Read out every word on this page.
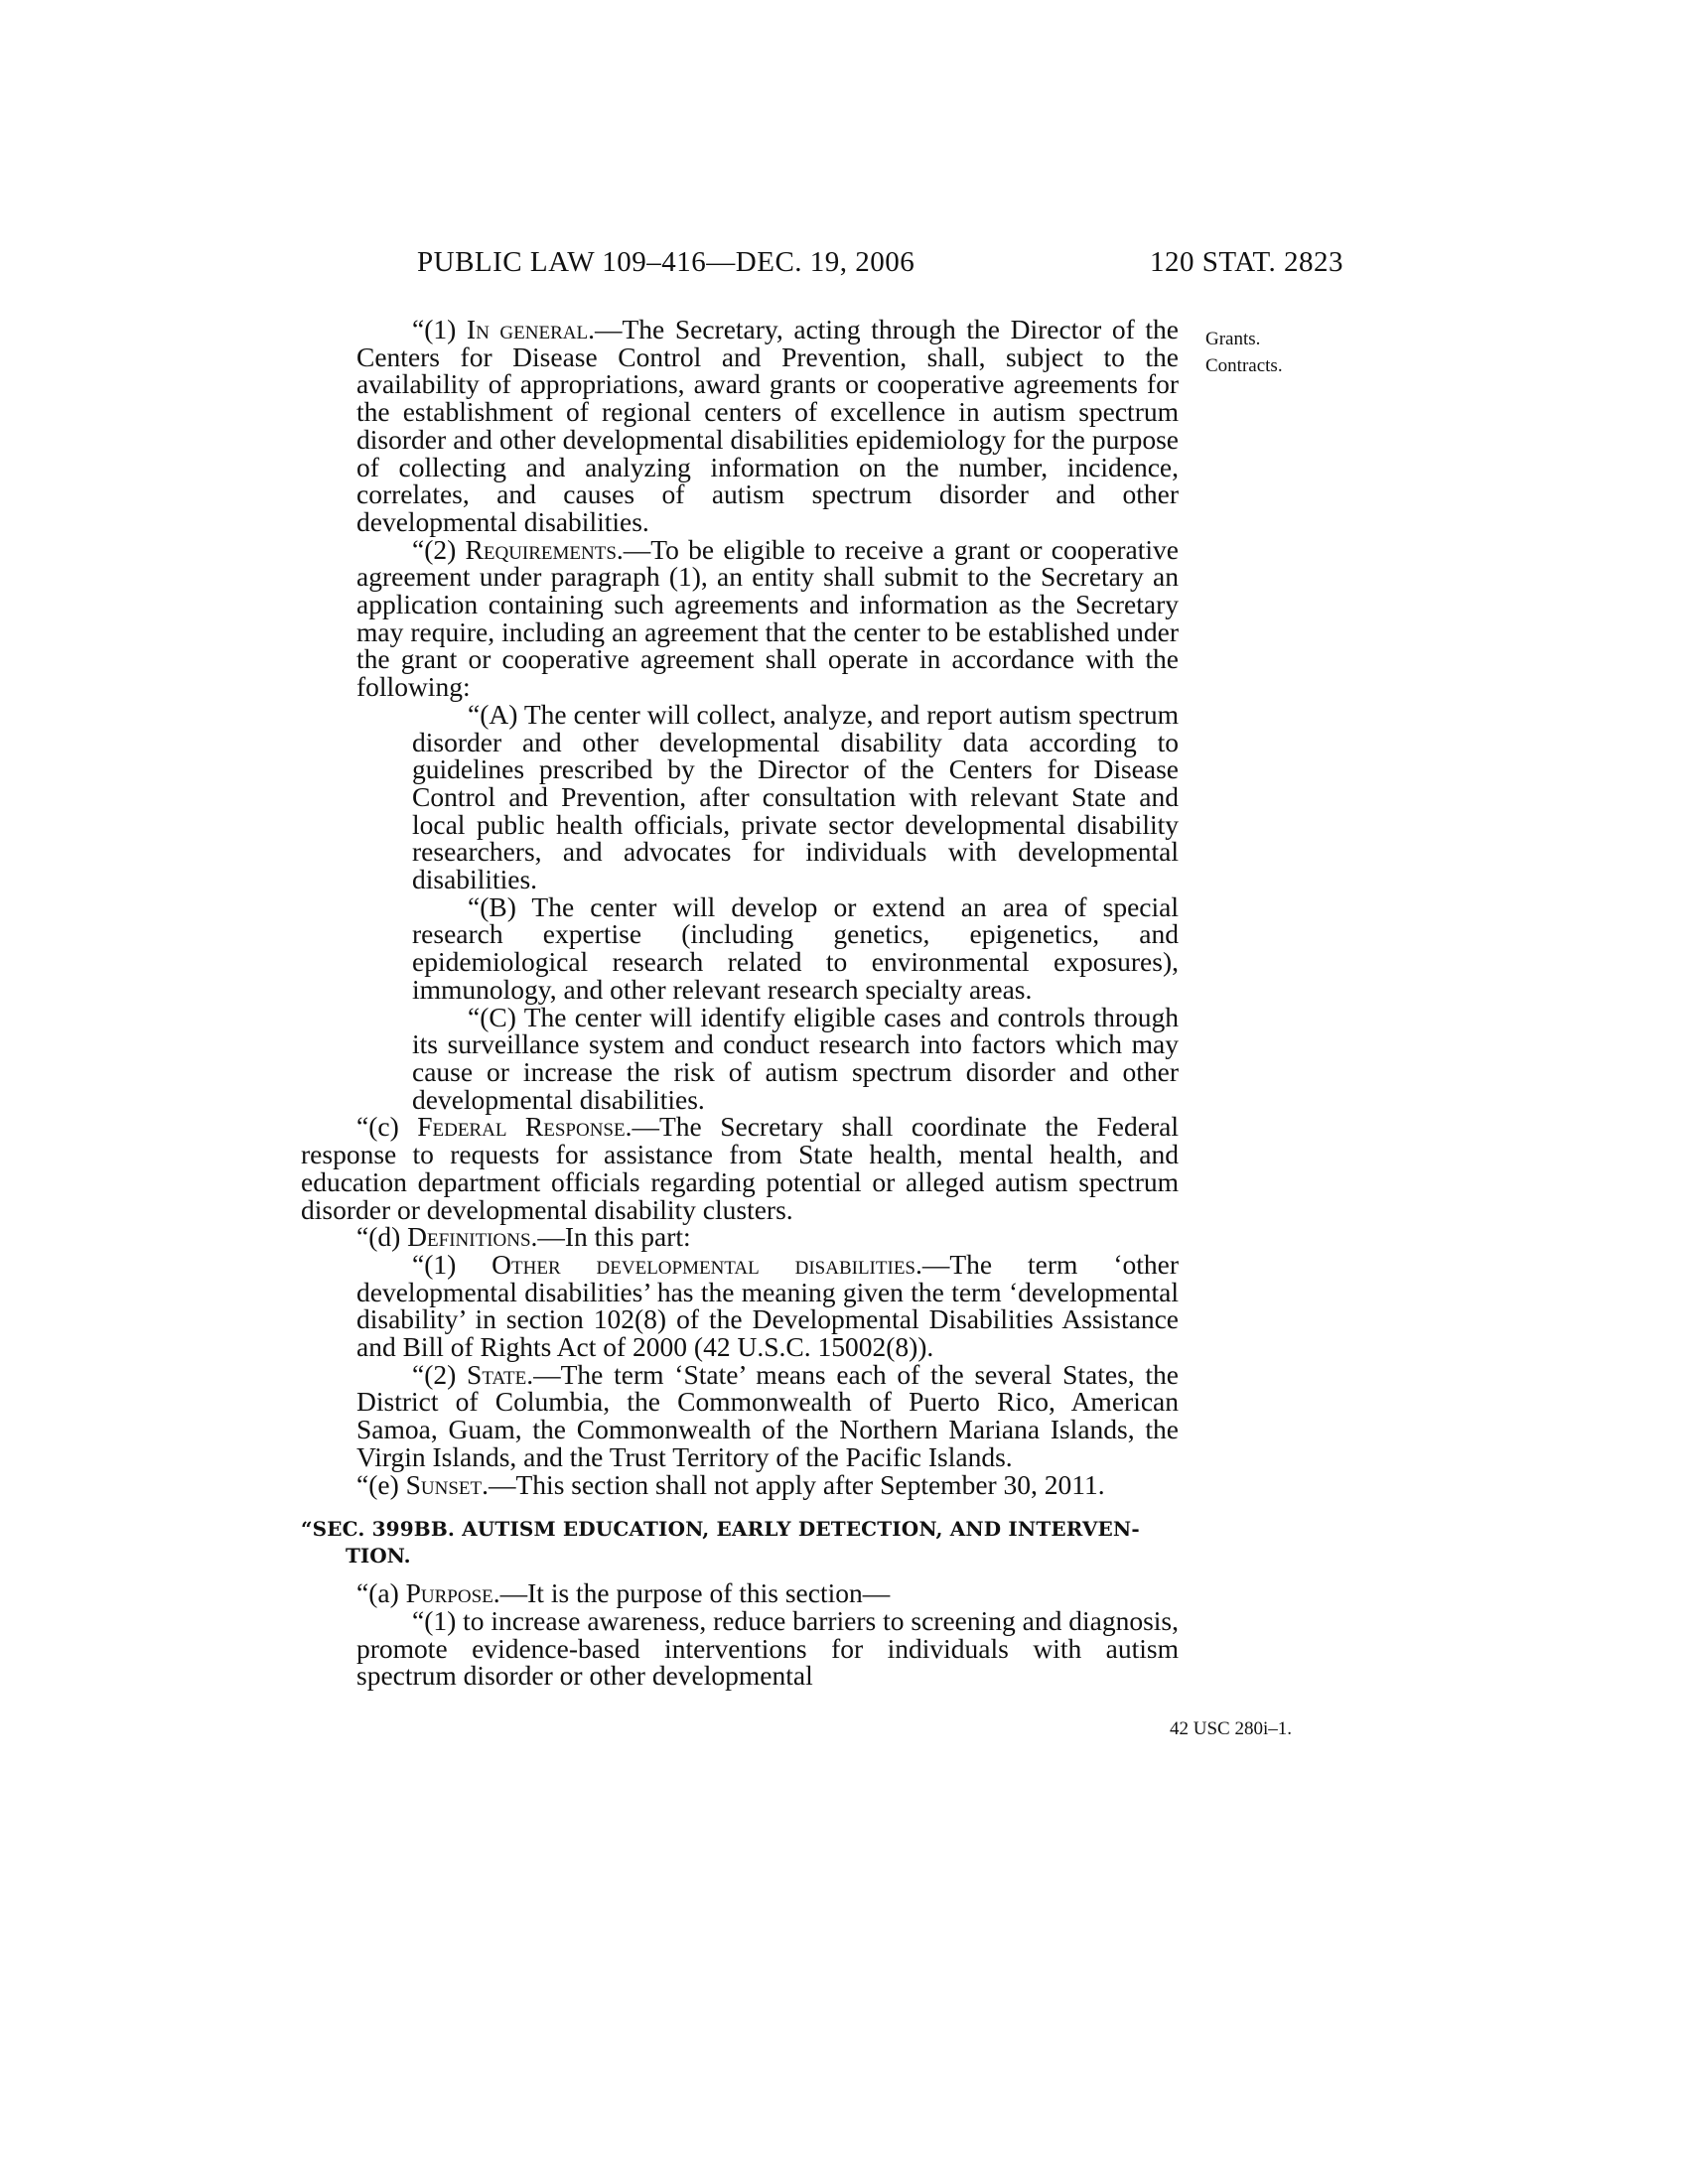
PUBLIC LAW 109–416—DEC. 19, 2006	120 STAT. 2823
Grants.
Contracts.
42 USC 280i–1.

“(1) In general.—The Secretary, acting through the Director of the Centers for Disease Control and Prevention, shall, subject to the availability of appropriations, award grants or cooperative agreements for the establishment of regional centers of excellence in autism spectrum disorder and other developmental disabilities epidemiology for the purpose of collecting and analyzing information on the number, incidence, correlates, and causes of autism spectrum disorder and other developmental disabilities.

“(2) Requirements.—To be eligible to receive a grant or cooperative agreement under paragraph (1), an entity shall submit to the Secretary an application containing such agreements and information as the Secretary may require, including an agreement that the center to be established under the grant or cooperative agreement shall operate in accordance with the following:

“(A) The center will collect, analyze, and report autism spectrum disorder and other developmental disability data according to guidelines prescribed by the Director of the Centers for Disease Control and Prevention, after consultation with relevant State and local public health officials, private sector developmental disability researchers, and advocates for individuals with developmental disabilities.

“(B) The center will develop or extend an area of special research expertise (including genetics, epigenetics, and epidemiological research related to environmental exposures), immunology, and other relevant research specialty areas.

“(C) The center will identify eligible cases and controls through its surveillance system and conduct research into factors which may cause or increase the risk of autism spectrum disorder and other developmental disabilities.

“(c) Federal Response.—The Secretary shall coordinate the Federal response to requests for assistance from State health, mental health, and education department officials regarding potential or alleged autism spectrum disorder or developmental disability clusters.

“(d) Definitions.—In this part:

“(1) Other developmental disabilities.—The term ‘other developmental disabilities’ has the meaning given the term ‘developmental disability’ in section 102(8) of the Developmental Disabilities Assistance and Bill of Rights Act of 2000 (42 U.S.C. 15002(8)).

“(2) State.—The term ‘State’ means each of the several States, the District of Columbia, the Commonwealth of Puerto Rico, American Samoa, Guam, the Commonwealth of the Northern Mariana Islands, the Virgin Islands, and the Trust Territory of the Pacific Islands.

“(e) Sunset.—This section shall not apply after September 30, 2011.

“SEC. 399BB. AUTISM EDUCATION, EARLY DETECTION, AND INTERVEN-
TION.

“(a) Purpose.—It is the purpose of this section—

“(1) to increase awareness, reduce barriers to screening and diagnosis, promote evidence-based interventions for individuals with autism spectrum disorder or other developmental
